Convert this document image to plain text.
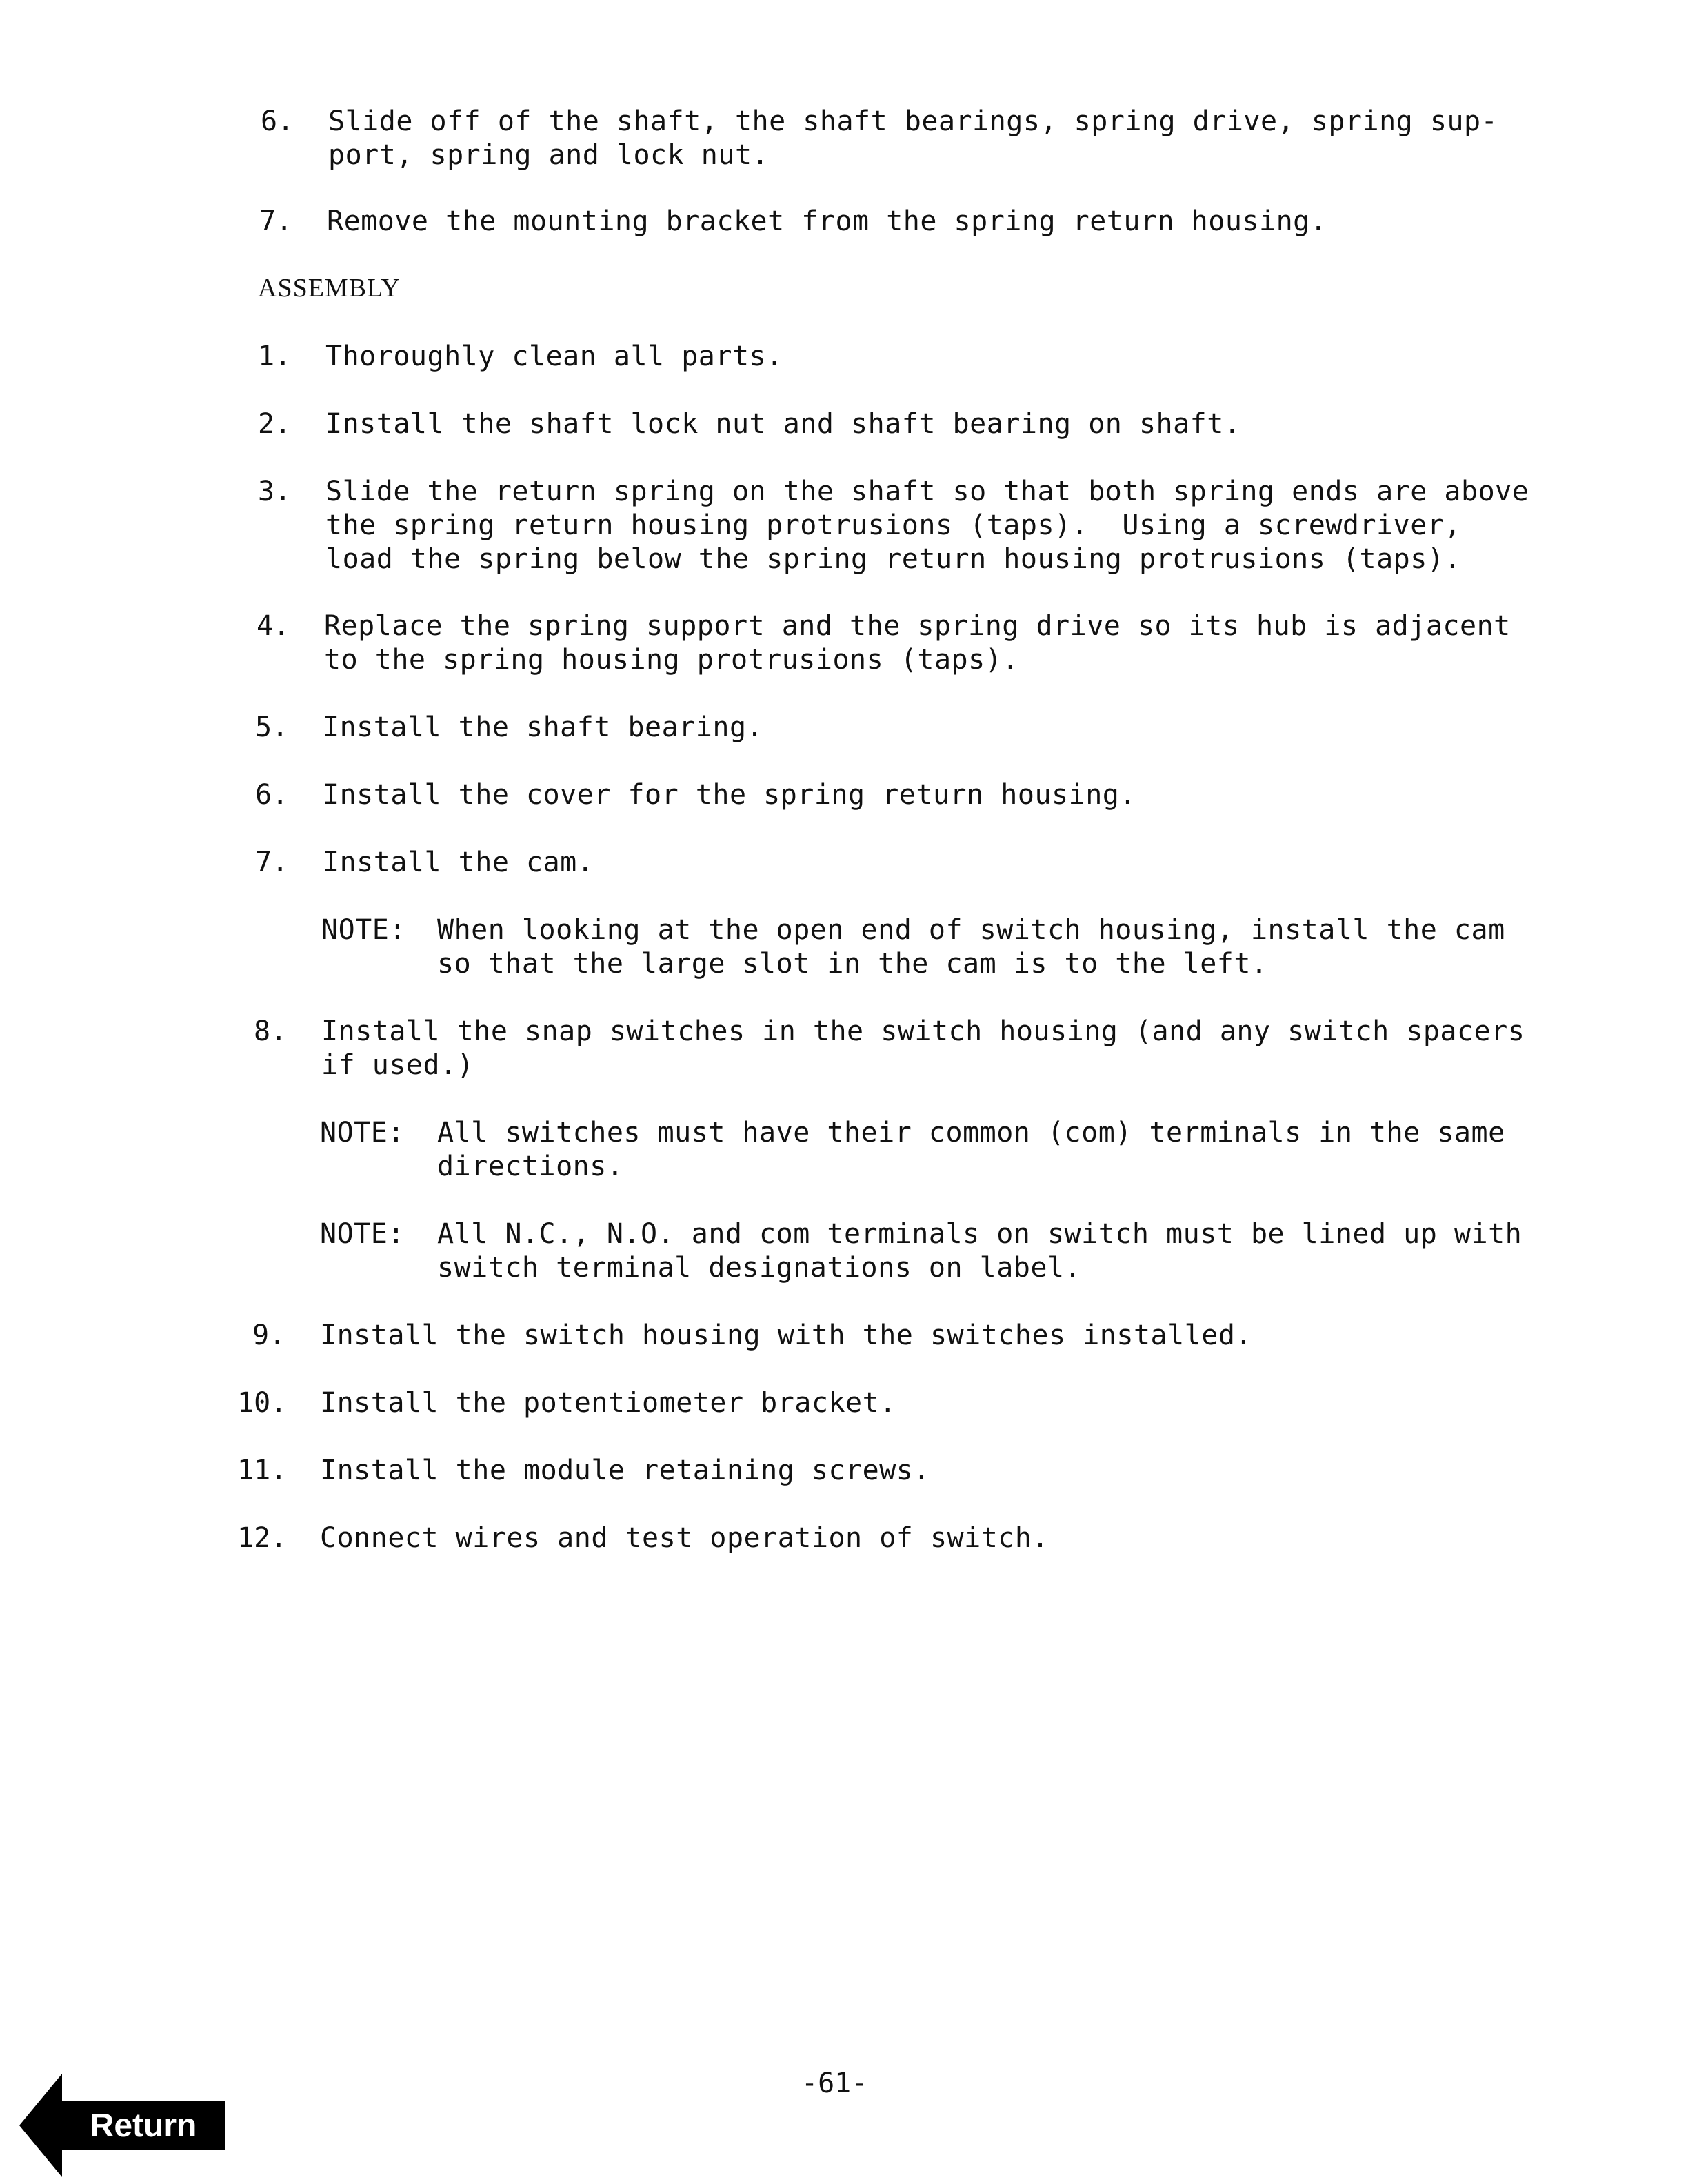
6. Slide off of the shaft, the shaft bearings, spring drive, spring sup-
port, spring and lock nut.
7. Remove the mounting bracket from the spring return housing.
ASSEMBLY
1. Thoroughly clean all parts.
2. Install the shaft lock nut and shaft bearing on shaft.
3. Slide the return spring on the shaft so that both spring ends are above
the spring return housing protrusions (taps).  Using a screwdriver,
load the spring below the spring return housing protrusions (taps).
4. Replace the spring support and the spring drive so its hub is adjacent
to the spring housing protrusions (taps).
5. Install the shaft bearing.
6. Install the cover for the spring return housing.
7. Install the cam.
NOTE: When looking at the open end of switch housing, install the cam
so that the large slot in the cam is to the left.
8. Install the snap switches in the switch housing (and any switch spacers
if used.)
NOTE: All switches must have their common (com) terminals in the same
directions.
NOTE: All N.C., N.O. and com terminals on switch must be lined up with
switch terminal designations on label.
9. Install the switch housing with the switches installed.
10. Install the potentiometer bracket.
11. Install the module retaining screws.
12. Connect wires and test operation of switch.
-61-
Return
